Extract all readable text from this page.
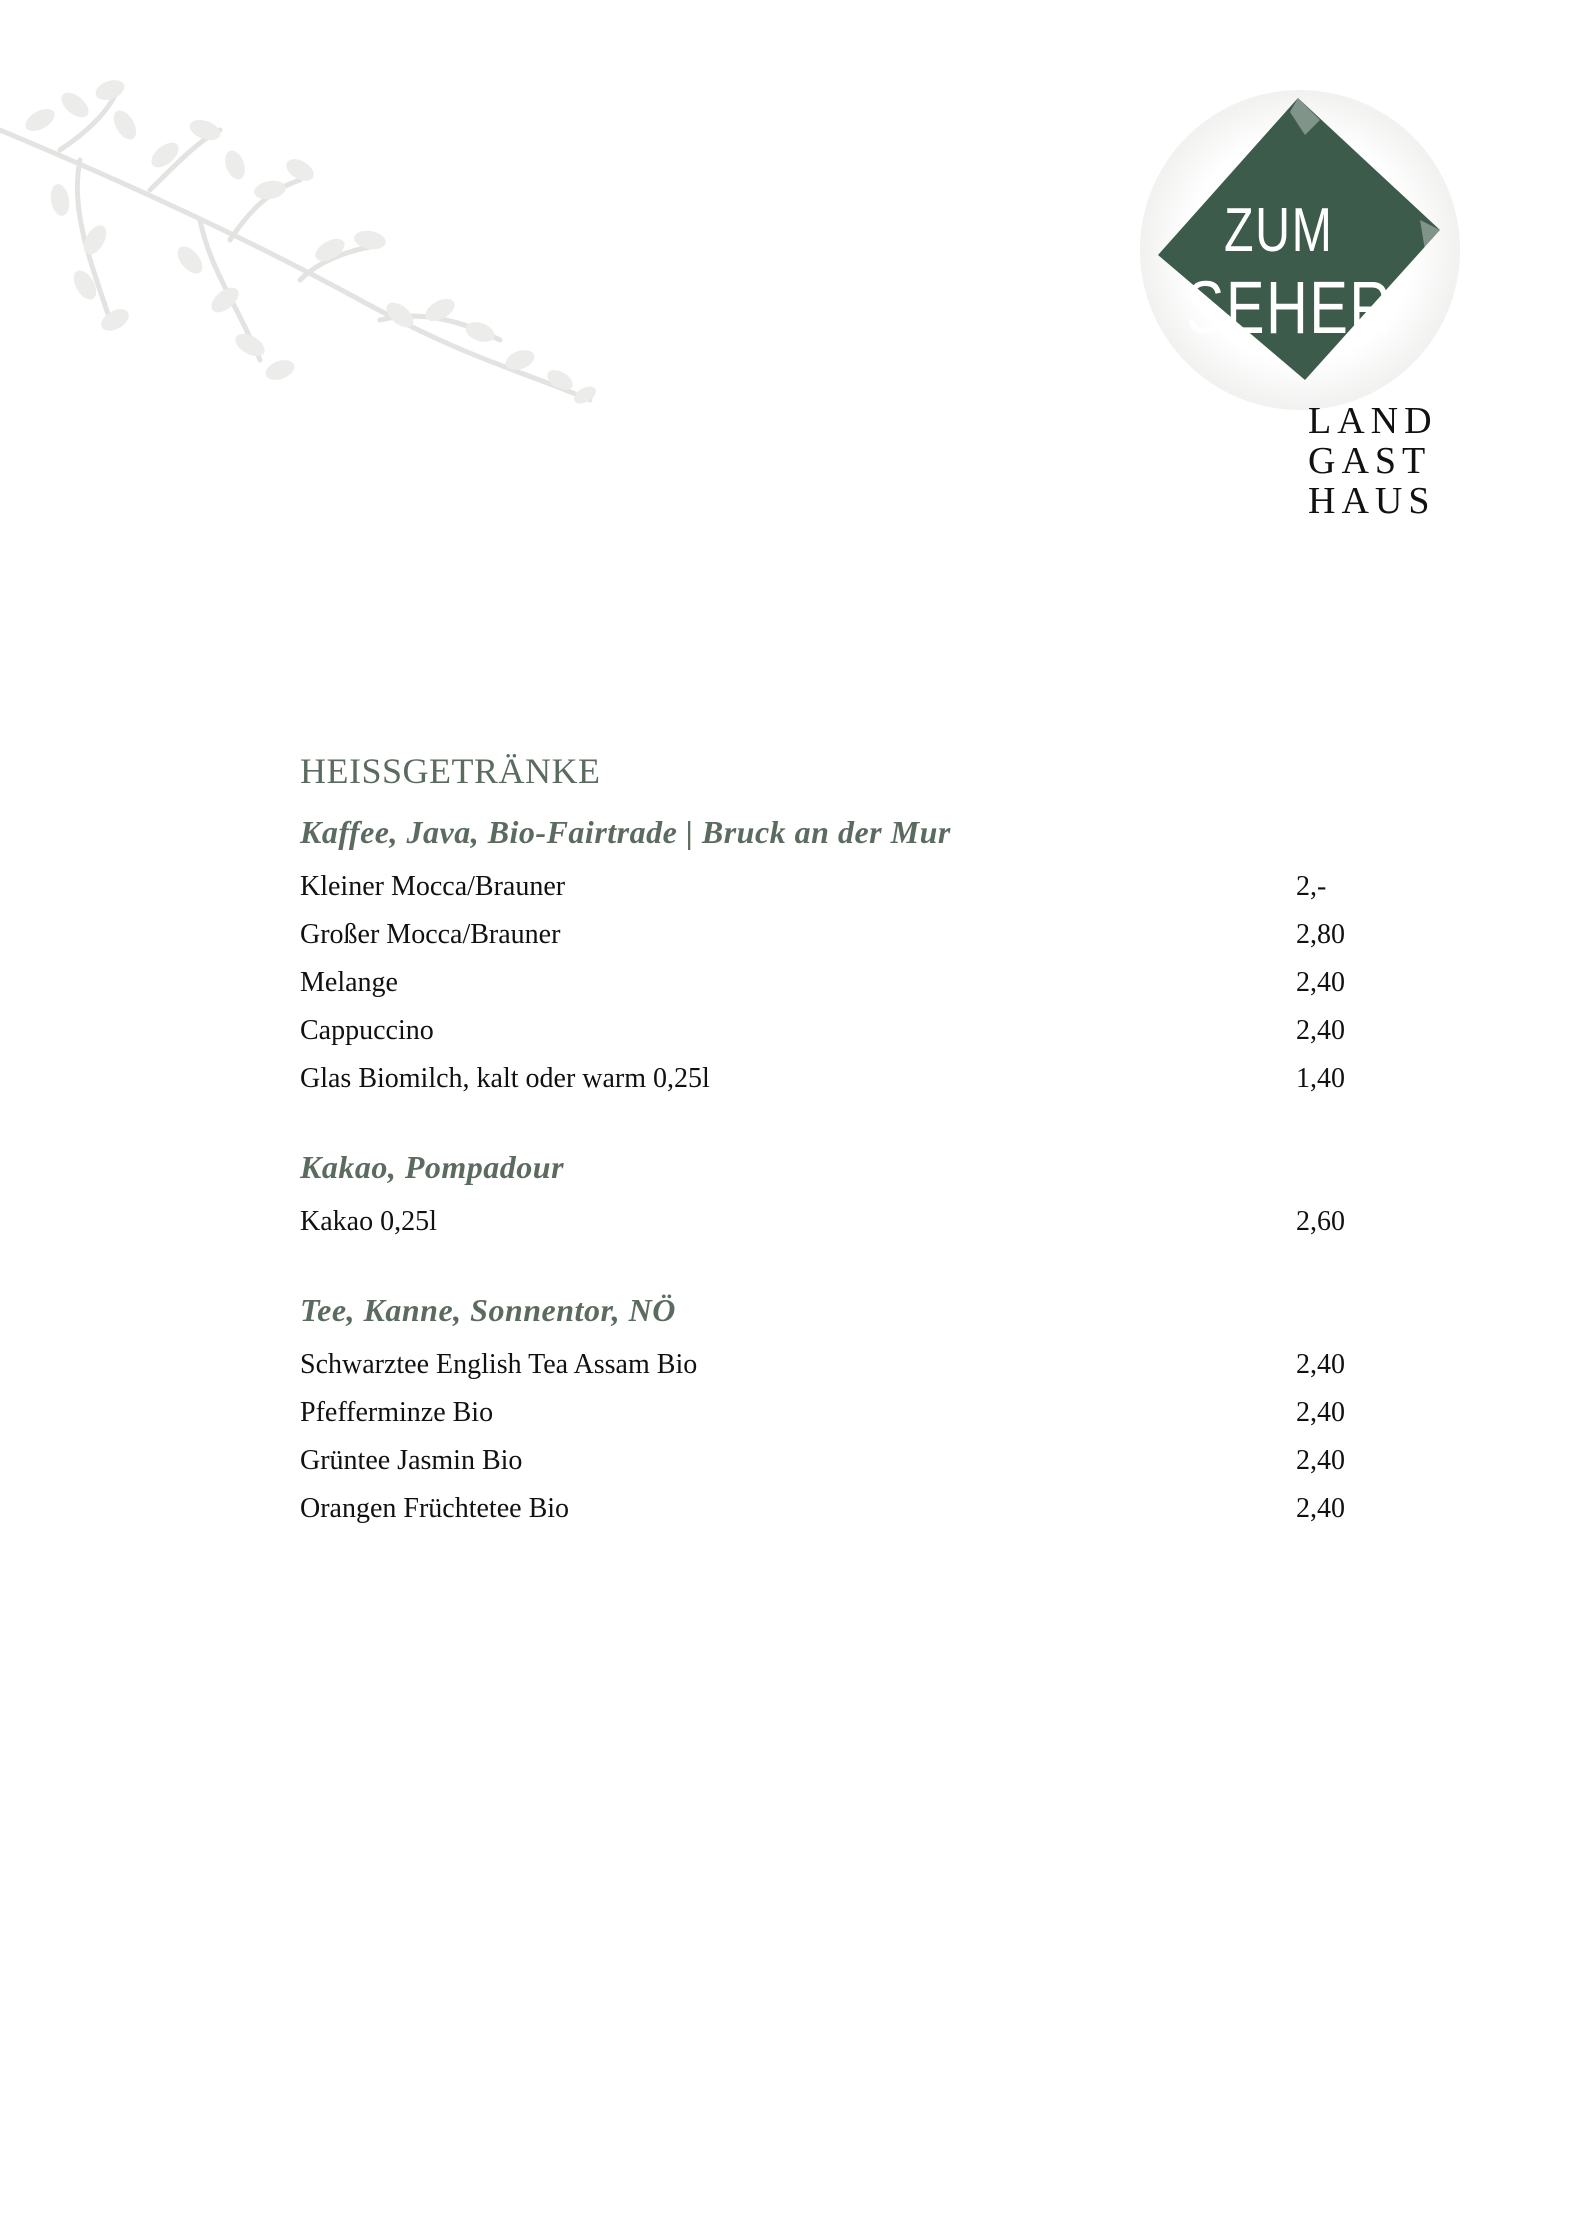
ZUM
SEHER
LAND
GAST
HAUS
HEISSGETRÄNKE
Kaffee, Java, Bio-Fairtrade | Bruck an der Mur
Kleiner Mocca/Brauner	2,-
Großer Mocca/Brauner	2,80
Melange	2,40
Cappuccino	2,40
Glas Biomilch, kalt oder warm 0,25l	1,40
Kakao, Pompadour
Kakao 0,25l	2,60
Tee, Kanne, Sonnentor, NÖ
Schwarztee English Tea Assam Bio	2,40
Pfefferminze Bio	2,40
Grüntee Jasmin Bio	2,40
Orangen Früchtetee Bio	2,40
